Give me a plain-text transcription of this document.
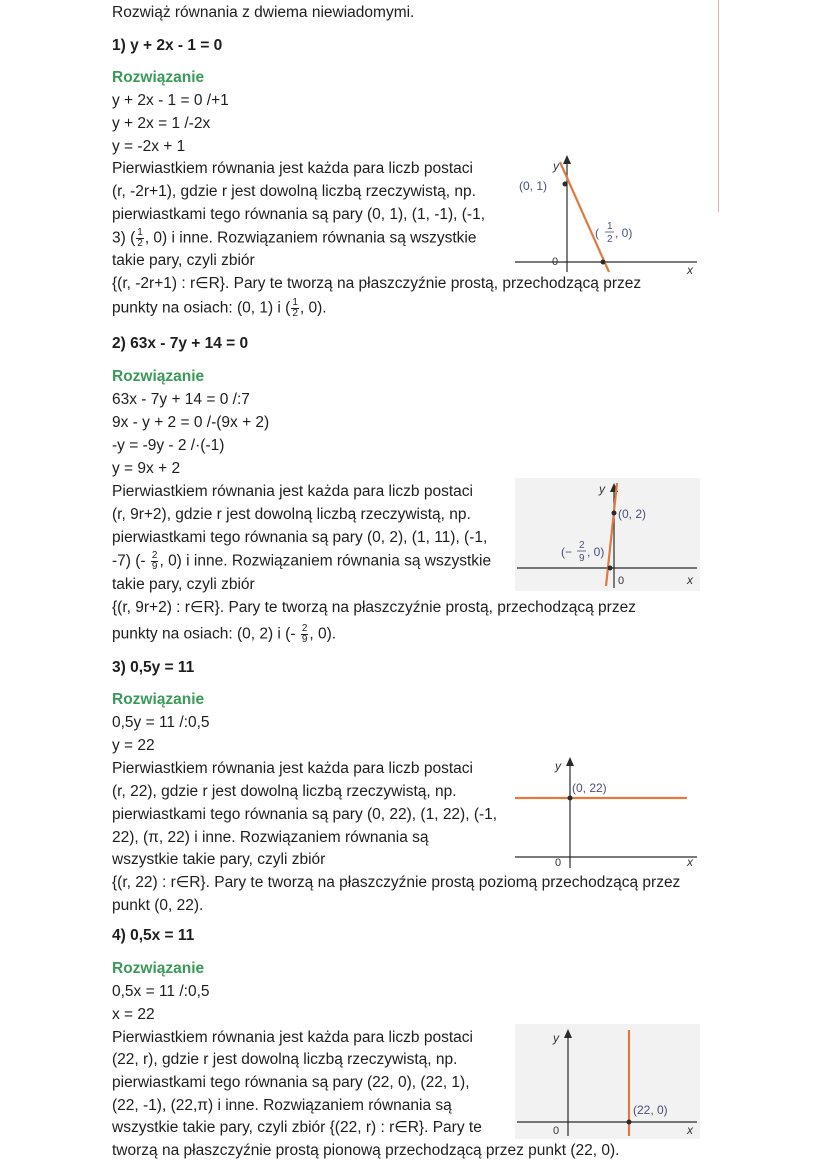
Rozwiąż równania z dwiema niewiadomymi.
1) y + 2x - 1 = 0
Rozwiązanie
y + 2x - 1 = 0 /+1
y + 2x = 1 /-2x
y = -2x + 1
Pierwiastkiem równania jest każda para liczb postaci
(r, -2r+1), gdzie r jest dowolną liczbą rzeczywistą, np.
pierwiastkami tego równania są pary (0, 1), (1, -1), (-1,
3) ( $\frac{1}{2}$ , 0) i inne. Rozwiązaniem równania są wszystkie
takie pary, czyli zbiór
{(r, -2r+1) : r∈R}. Pary te tworzą na płaszczyźnie prostą, przechodzącą przez
punkty na osiach: (0, 1) i ( $\frac{1}{2}$ , 0).
y
x
0
(0, 1)
( 1
2 , 0)
2) 63x - 7y + 14 = 0
Rozwiązanie
63x - 7y + 14 = 0 /:7
9x - y + 2 = 0 /-(9x + 2)
-y = -9y - 2 /·(-1)
y = 9x + 2
Pierwiastkiem równania jest każda para liczb postaci
(r, 9r+2), gdzie r jest dowolną liczbą rzeczywistą, np.
pierwiastkami tego równania są pary (0, 2), (1, 11), (-1,
-7) (- $\frac{2}{9}$ , 0) i inne. Rozwiązaniem równania są wszystkie
takie pary, czyli zbiór
{(r, 9r+2) : r∈R}. Pary te tworzą na płaszczyźnie prostą, przechodzącą przez
punkty na osiach: (0, 2) i (- $\frac{2}{9}$ , 0).
y
x
0
(0, 2)
(− 2
9 , 0)
3) 0,5y = 11
Rozwiązanie
0,5y = 11 /:0,5
y = 22
Pierwiastkiem równania jest każda para liczb postaci
(r, 22), gdzie r jest dowolną liczbą rzeczywistą, np.
pierwiastkami tego równania są pary (0, 22), (1, 22), (-1,
22), (π, 22) i inne. Rozwiązaniem równania są
wszystkie takie pary, czyli zbiór
{(r, 22) : r∈R}. Pary te tworzą na płaszczyźnie prostą poziomą przechodzącą przez
punkt (0, 22).
y
x
0
(0, 22)
4) 0,5x = 11
Rozwiązanie
0,5x = 11 /:0,5
x = 22
Pierwiastkiem równania jest każda para liczb postaci
(22, r), gdzie r jest dowolną liczbą rzeczywistą, np.
pierwiastkami tego równania są pary (22, 0), (22, 1),
(22, -1), (22,π) i inne. Rozwiązaniem równania są
wszystkie takie pary, czyli zbiór {(22, r) : r∈R}. Pary te
tworzą na płaszczyźnie prostą pionową przechodzącą przez punkt (22, 0).
y
x
0
(22, 0)
